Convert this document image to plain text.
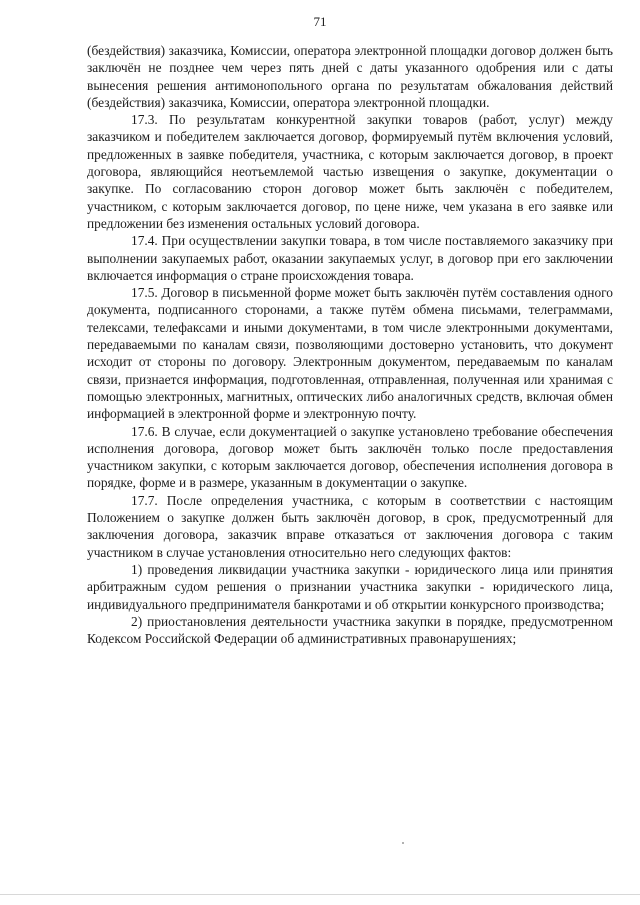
71

(бездействия) заказчика, Комиссии, оператора электронной площадки договор должен быть заключён не позднее чем через пять дней с даты указанного одобрения или с даты вынесения решения антимонопольного органа по результатам обжалования действий (бездействия) заказчика, Комиссии, оператора электронной площадки.

17.3. По результатам конкурентной закупки товаров (работ, услуг) между заказчиком и победителем заключается договор, формируемый путём включения условий, предложенных в заявке победителя, участника, с которым заключается договор, в проект договора, являющийся неотъемлемой частью извещения о закупке, документации о закупке. По согласованию сторон договор может быть заключён с победителем, участником, с которым заключается договор, по цене ниже, чем указана в его заявке или предложении без изменения остальных условий договора.

17.4. При осуществлении закупки товара, в том числе поставляемого заказчику при выполнении закупаемых работ, оказании закупаемых услуг, в договор при его заключении включается информация о стране происхождения товара.

17.5. Договор в письменной форме может быть заключён путём составления одного документа, подписанного сторонами, а также путём обмена письмами, телеграммами, телексами, телефаксами и иными документами, в том числе электронными документами, передаваемыми по каналам связи, позволяющими достоверно установить, что документ исходит от стороны по договору. Электронным документом, передаваемым по каналам связи, признается информация, подготовленная, отправленная, полученная или хранимая с помощью электронных, магнитных, оптических либо аналогичных средств, включая обмен информацией в электронной форме и электронную почту.

17.6. В случае, если документацией о закупке установлено требование обеспечения исполнения договора, договор может быть заключён только после предоставления участником закупки, с которым заключается договор, обеспечения исполнения договора в порядке, форме и в размере, указанным в документации о закупке.

17.7. После определения участника, с которым в соответствии с настоящим Положением о закупке должен быть заключён договор, в срок, предусмотренный для заключения договора, заказчик вправе отказаться от заключения договора с таким участником в случае установления относительно него следующих фактов:

1) проведения ликвидации участника закупки - юридического лица или принятия арбитражным судом решения о признании участника закупки - юридического лица, индивидуального предпринимателя банкротами и об открытии конкурсного производства;

2) приостановления деятельности участника закупки в порядке, предусмотренном Кодексом Российской Федерации об административных правонарушениях;
